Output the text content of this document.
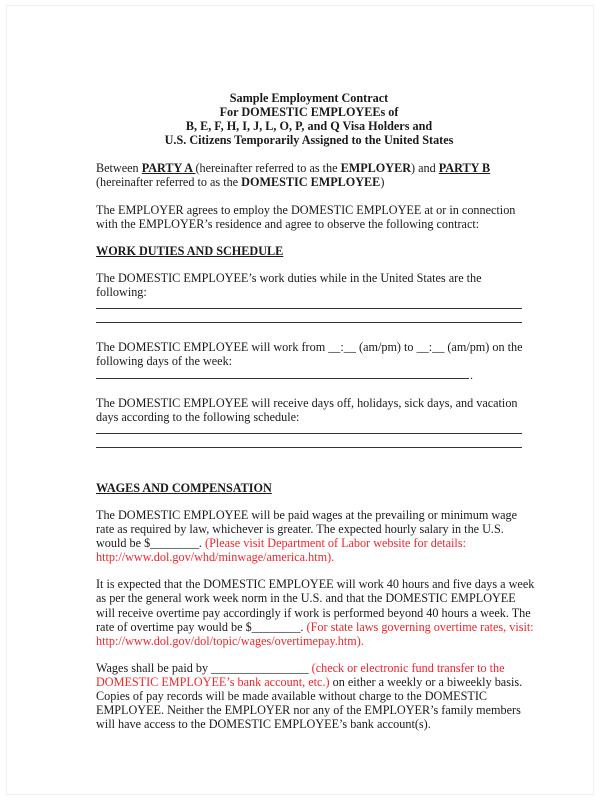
Sample Employment Contract
For DOMESTIC EMPLOYEEs of
B, E, F, H, I, J, L, O, P, and Q Visa Holders and
U.S. Citizens Temporarily Assigned to the United States

Between PARTY A (hereinafter referred to as the EMPLOYER) and PARTY B
(hereinafter referred to as the DOMESTIC EMPLOYEE)

The EMPLOYER agrees to employ the DOMESTIC EMPLOYEE at or in connection
with the EMPLOYER’s residence and agree to observe the following contract:

WORK DUTIES AND SCHEDULE

The DOMESTIC EMPLOYEE’s work duties while in the United States are the
following:

The DOMESTIC EMPLOYEE will work from __:__ (am/pm) to __:__ (am/pm) on the
following days of the week:

.

The DOMESTIC EMPLOYEE will receive days off, holidays, sick days, and vacation
days according to the following schedule:

WAGES AND COMPENSATION

The DOMESTIC EMPLOYEE will be paid wages at the prevailing or minimum wage
rate as required by law, whichever is greater. The expected hourly salary in the U.S.
would be $________. (Please visit Department of Labor website for details:
http://www.dol.gov/whd/minwage/america.htm).

It is expected that the DOMESTIC EMPLOYEE will work 40 hours and five days a week
as per the general work week norm in the U.S. and that the DOMESTIC EMPLOYEE
will receive overtime pay accordingly if work is performed beyond 40 hours a week. The
rate of overtime pay would be $________. (For state laws governing overtime rates, visit:
http://www.dol.gov/dol/topic/wages/overtimepay.htm).

Wages shall be paid by ________________ (check or electronic fund transfer to the
DOMESTIC EMPLOYEE’s bank account, etc.) on either a weekly or a biweekly basis.
Copies of pay records will be made available without charge to the DOMESTIC
EMPLOYEE. Neither the EMPLOYER nor any of the EMPLOYER’s family members
will have access to the DOMESTIC EMPLOYEE’s bank account(s).
